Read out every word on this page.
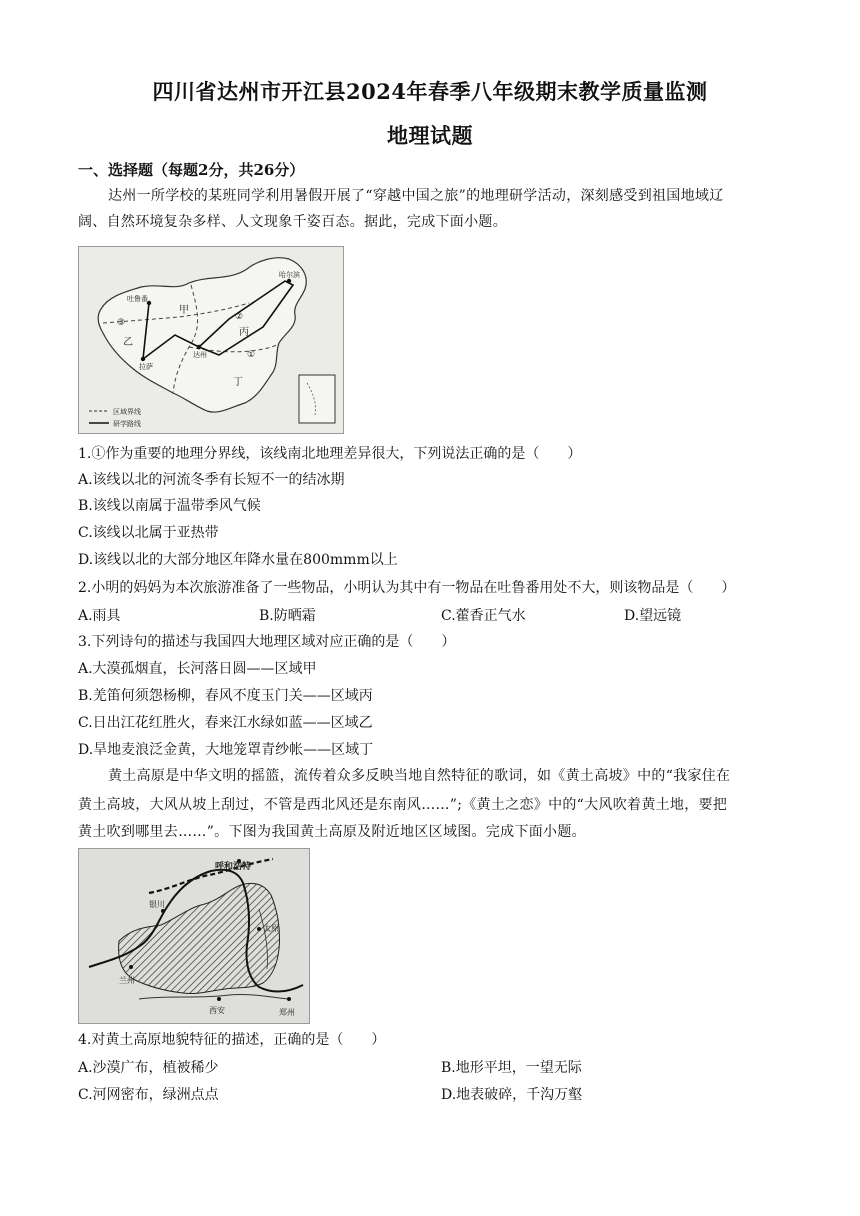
四川省达州市开江县2024年春季八年级期末教学质量监测
地理试题
一、选择题（每题2分，共26分）
达州一所学校的某班同学利用暑假开展了“穿越中国之旅”的地理研学活动，深刻感受到祖国地域辽
阔、自然环境复杂多样、人文现象千姿百态。据此，完成下面小题。
区域界线
研学路线
哈尔滨
吐鲁番
拉萨
达州
甲
乙
丙
丁
①
②
③
1.①作为重要的地理分界线，该线南北地理差异很大，下列说法正确的是（　　）
A.该线以北的河流冬季有长短不一的结冰期
B.该线以南属于温带季风气候
C.该线以北属于亚热带
D.该线以北的大部分地区年降水量在800mmm以上
2.小明的妈妈为本次旅游准备了一些物品，小明认为其中有一物品在吐鲁番用处不大，则该物品是（　　）
A.雨具	B.防晒霜	C.藿香正气水	D.望远镜
3.下列诗句的描述与我国四大地理区域对应正确的是（　　）
A.大漠孤烟直，长河落日圆——区域甲
B.羌笛何须怨杨柳，春风不度玉门关——区域丙
C.日出江花红胜火，春来江水绿如蓝——区域乙
D.旱地麦浪泛金黄，大地笼罩青纱帐——区域丁
黄土高原是中华文明的摇篮，流传着众多反映当地自然特征的歌词，如《黄土高坡》中的“我家住在
黄土高坡，大风从坡上刮过，不管是西北风还是东南风……”;《黄土之恋》中的“大风吹着黄土地，要把
黄土吹到哪里去……”。下图为我国黄土高原及附近地区区域图。完成下面小题。
呼和浩特
银川
兰州
西安
太原
郑州
4.对黄土高原地貌特征的描述，正确的是（　　）
A.沙漠广布，植被稀少	B.地形平坦，一望无际
C.河网密布，绿洲点点	D.地表破碎，千沟万壑
